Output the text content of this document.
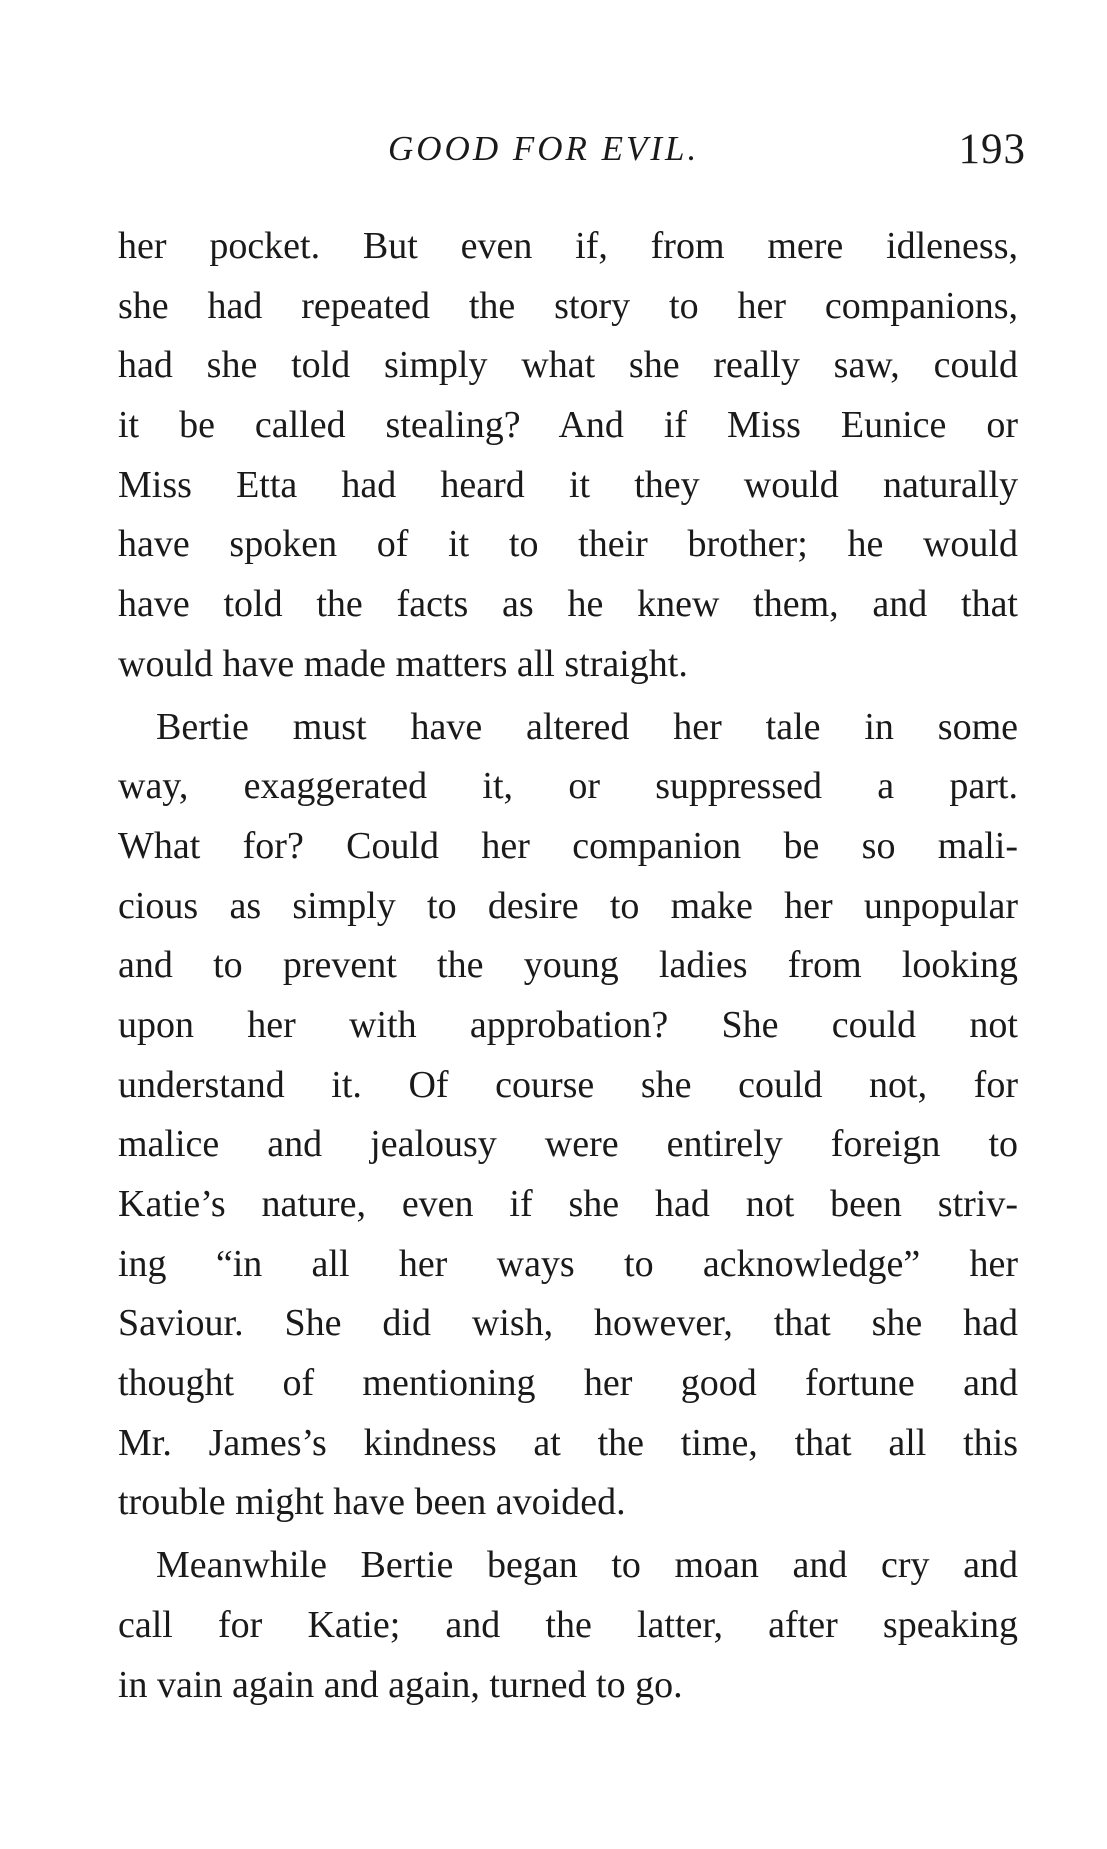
GOOD FOR EVIL.	193
her pocket. But even if, from mere idleness,
she had repeated the story to her companions,
had she told simply what she really saw, could
it be called stealing? And if Miss Eunice or
Miss Etta had heard it they would naturally
have spoken of it to their brother; he would
have told the facts as he knew them, and that
would have made matters all straight.
Bertie must have altered her tale in some
way, exaggerated it, or suppressed a part.
What for? Could her companion be so mali-
cious as simply to desire to make her unpopular
and to prevent the young ladies from looking
upon her with approbation? She could not
understand it. Of course she could not, for
malice and jealousy were entirely foreign to
Katie’s nature, even if she had not been striv-
ing “in all her ways to acknowledge” her
Saviour. She did wish, however, that she had
thought of mentioning her good fortune and
Mr. James’s kindness at the time, that all this
trouble might have been avoided.
Meanwhile Bertie began to moan and cry and
call for Katie; and the latter, after speaking
in vain again and again, turned to go.
